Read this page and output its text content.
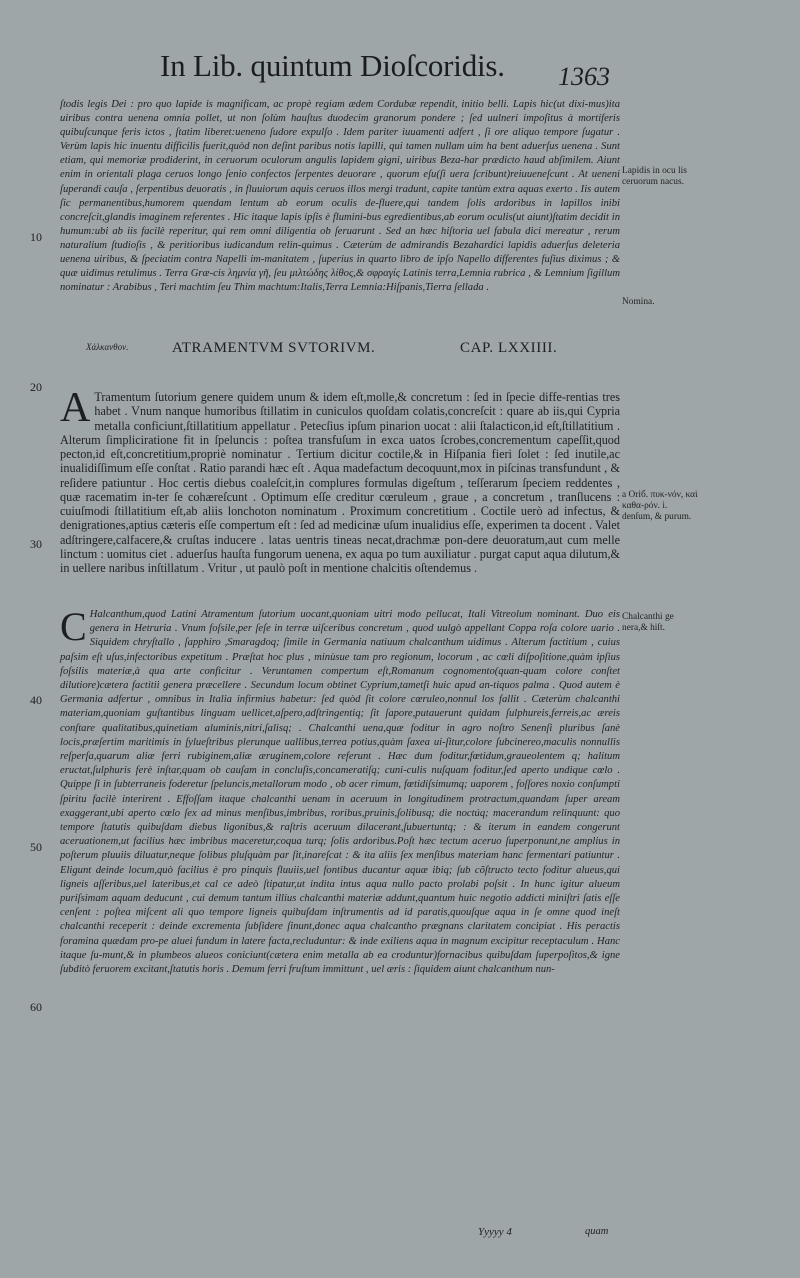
In Lib. quintum Dioſcoridis. 1363
10
20
30
40
50
60

ſtodis legis Dei : pro quo lapide is magnificam, ac propè regiam ædem Cordubæ rependit, initio belli. Lapis hic(ut dixi-mus)ita uiribus contra uenena omnia pollet, ut non ſolùm hauſtus duodecim granorum pondere ; ſed uulneri impoſitus à mortiferis quibuſcunque feris ictos , ſtatim liberet:ueneno ſudore expulſo . Idem pariter iuuamenti adfert , ſi ore aliquo tempore ſugatur . Verùm lapis hic inuentu difficilis fuerit,quòd non deſint paribus notis lapilli, qui tamen nullam uim ha bent aduerſus uenena . Sunt etiam, qui memoriæ prodiderint, in ceruorum oculorum angulis lapidem gigni, uiribus Beza-har prædicto haud abſimilem. Aiunt enim in orientali plaga ceruos longo ſenio confectos ſerpentes deuorare , quorum eſu(ſi uera ſcribunt)reiuueneſcunt . At ueneni ſuperandi cauſa , ſerpentibus deuoratis , in fluuiorum aquis ceruos illos mergi tradunt, capite tantùm extra aquas exerto . Iis autem ſic permanentibus,humorem quendam lentum ab eorum oculis de-fluere,qui tandem ſolis ardoribus in lapillos inibi concreſcit,glandis imaginem referentes . Hic itaque lapis ipſis è flumini-bus egredientibus,ab eorum oculis(ut aiunt)ſtatim decidit in humum:ubi ab iis facilè reperitur, qui rem omni diligentia ob ſeruarunt . Sed an hæc hiſtoria uel fabula dici mereatur , rerum naturalium ſtudioſis , & peritioribus iudicandum relin-quimus . Cæterùm de admirandis Bezahardici lapidis aduerſus deleteria uenena uiribus, & ſpeciatim contra Napelli im-manitatem , ſuperius in quarto libro de ipſo Napello differentes fuſius diximus ; & quæ uidimus retulimus . Terra Græ-cis λημνία γῆ, ſeu μιλτώδης λίθος,& σφραγίς Latinis terra,Lemnia rubrica , & Lemnium ſigillum nominatur : Arabibus , Teri machtim ſeu Thim machtum:Italis,Terra Lemnia:Hiſpanis,Tierra ſellada .

Χάλκανθον.	ATRAMENTVM SVTORIVM.	CAP. LXXIIII.

A Tramentum ſutorium genere quidem unum & idem eſt,molle,& concretum : ſed in ſpecie diffe-rentias tres habet . Vnum nanque humoribus ſtillatim in cuniculos quoſdam colatis,concreſcit : quare ab iis,qui Cypria metalla conficiunt,ſtillatitium appellatur . Petecſius ipſum pinarion uocat : alii ſtalacticon,id eſt,ſtillatitium . Alterum ſimpliciratione fit in ſpeluncis : poſtea transfuſum in exca uatos ſcrobes,concrementum capeſſit,quod pecton,id eſt,concretitium,propriè nominatur . Tertium dicitur coctile,& in Hiſpania fieri ſolet : ſed inutile,ac inualidiſſimum eſſe conſtat . Ratio parandi hæc eſt . Aqua madefactum decoquunt,mox in piſcinas transfundunt , & reſidere patiuntur . Hoc certis diebus coaleſcit,in complures formulas digeſtum , teſſerarum ſpeciem reddentes , quæ racematim in-ter ſe cohæreſcunt . Optimum eſſe creditur cœruleum , graue , a concretum , tranſlucens : cuiuſmodi ſtillatitium eſt,ab aliis lonchoton nominatum . Proximum concretitium . Coctile uerò ad infectus, & denigrationes,aptius cæteris eſſe compertum eſt : ſed ad medicinæ uſum inualidius eſſe, experimen ta docent . Valet adſtringere,calfacere,& cruſtas inducere . latas uentris tineas necat,drachmæ pon-dere deuoratum,aut cum melle linctum : uomitus ciet . aduerſus hauſta fungorum uenena, ex aqua po tum auxiliatur . purgat caput aqua dilutum,& in uellere naribus inſtillatum . Vritur , ut paulò poſt in mentione chalcitis oſtendemus .

C Halcanthum,quod Latini Atramentum ſutorium uocant,quoniam uitri modo pellucat, Itali Vitreolum nominant. Duo eis genera in Hetruria . Vnum foſsile,per ſeſe in terræ uiſceribus concretum , quod uulgò appellant Coppa roſa colore uario . Siquidem chryſtallo , ſapphiro ,Smaragdoq; ſimile in Germania natiuum chalcanthum uidimus . Alterum factitium , cuius paſsim eſt uſus,infectoribus expetitum . Præſtat hoc plus , minùsue tam pro regionum, locorum , ac cœli diſpoſitione,quàm ipſius foſsilis materiæ,à qua arte conficitur . Veruntamen compertum eſt,Romanum cognomento(quan-quam colore conſtet dilutiore)cætera factitii genera præcellere . Secundum locum obtinet Cyprium,tametſi huic apud an-tiquos palma . Quod autem è Germania adfertur , omnibus in Italia infirmius habetur: ſed quòd ſit colore cœruleo,nonnul los fallit . Cæterùm chalcanthi materiam,quoniam guſtantibus linguam uellicet,aſpero,adſtringentiq; ſit ſapore,putauerunt quidam ſulphureis,ferreis,ac æreis conſtare qualitatibus,quinetiam aluminis,nitri,ſalisq; . Chalcanthi uena,quæ foditur in agro noſtro Senenſi pluribus ſanè locis,præſertim maritimis in ſylueſtribus plerunque uallibus,terrea potius,quàm ſaxea ui-ſitur,colore ſubcinereo,maculis nonnullis reſperſa,quarum aliæ ferri rubiginem,aliæ æruginem,colore referunt . Hæc dum foditur,fœtidum,graueolentem q; halitum eructat,ſulphuris ferè inſtar,quam ob cauſam in concluſis,concameratiſq; cuni-culis nuſquam foditur,ſed aperto undique cœlo . Quippe ſi in ſubterraneis foderetur ſpeluncis,metallorum modo , ob acer rimum, fœtidiſsimumq; uaporem , foſſores noxio conſumpti ſpiritu facilè interirent . Effoſſam itaque chalcanthi uenam in aceruum in longitudinem protractum,quandam ſuper aream exaggerant,ubi aperto cœlo ſex ad minus menſibus,imbribus, roribus,pruinis,ſolibusq; die noctúq; macerandum relinquunt: quo tempore ſtatutis quibuſdam diebus ligonibus,& raſtris aceruum dilacerant,ſubuertuntq; : & iterum in eandem congerunt aceruationem,ut facilius hæc imbribus maceretur,coqua turq; ſolis ardoribus.Poſt hæc tectum aceruo ſuperponunt,ne amplius in poſterum pluuiis diluatur,neque ſolibus pluſquàm par ſit,inareſcat : & ita aliis ſex menſibus materiam hanc fermentari patiuntur . Eligunt deinde locum,quò facilius è pro pinquis fluuiis,uel fontibus ducantur aquæ ibiq; ſub cõſtructo tecto foditur alueus,qui ligneis aſſeribus,uel lateribus,et cal ce adeò ſtipatur,ut indita intus aqua nullo pacto prolabi poſsit . In hunc igitur alueum puriſsimam aquam deducunt , cui demum tantum illius chalcanthi materiæ addunt,quantum huic negotio addicti miniſtri ſatis eſſe cenſent : poſtea miſcent ali quo tempore ligneis quibuſdam inſtrumentis ad id paratis,quouſque aqua in ſe omne quod ineſt chalcanthi receperit : deinde excrementa ſubſidere ſinunt,donec aqua chalcantho prægnans claritatem concipiat . His peractis foramina quædam pro-pe aluei fundum in latere facta,recluduntur: & inde exiliens aqua in magnum excipitur receptaculum . Hanc itaque ſu-munt,& in plumbeos alueos coniciunt(cætera enim metalla ab ea croduntur)fornacibus quibuſdam ſuperpoſitos,& igne ſubditò feruorem excitant,ſtatutis horis . Demum ferri fruſtum immittunt , uel æris : ſiquidem aiunt chalcanthum nun-

Lapidis in ocu lis ceruorum nacus.
Nomina.
a Oriб. πυκ-νόν, καὶ καθα-ρόν. i. denſum, & purum.
Chalcanthi ge nera,& hiſt.
Yyyyy 4	quam
